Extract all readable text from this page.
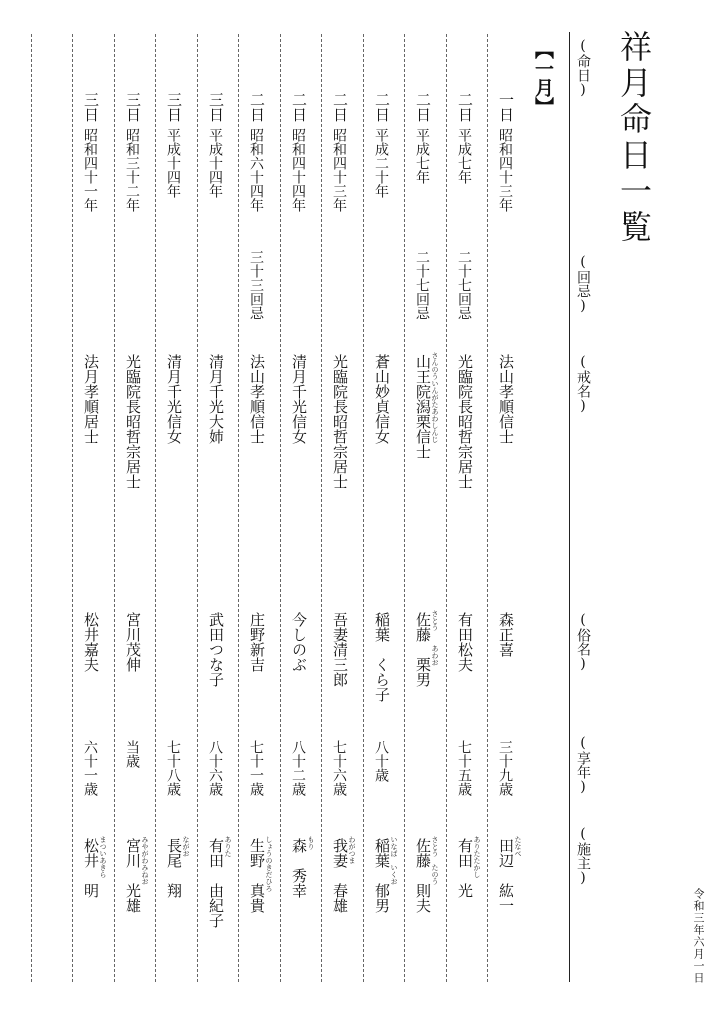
祥月命日一覧
(命日)
(回忌)
(戒名)
(俗名)
(享年)
(施主)
令和三年六月一日
【一月】
一日
昭和四十三年
法山孝順信士
森正喜
三十九歳
田辺　紘一 たなべ
二日
平成七年
二十七回忌
光臨院長昭哲宗居士
有田松夫
七十五歳
有田　光 ありたたかし
二日
平成七年
二十七回忌
山王院潟栗信士
佐藤　栗男
佐藤　則夫
さんのういんがたあわしんじ
さとう　　あわお
さとう　たのう
二日
平成二十年
蒼山妙貞信女
稲葉　くら子
八十歳
稲葉　郁男 いなば　いくお
二日
昭和四十三年
光臨院長昭哲宗居士
吾妻清三郎
七十六歳
我妻　春雄 わがつま
二日
昭和四十四年
清月千光信女
今しのぶ
八十二歳
森　秀幸 もり
二日
昭和六十四年
三十三回忌
法山孝順信士
庄野新吉
七十一歳
生野　真貴 しょうのきだひろ
三日
平成十四年
清月千光大姉
武田つな子
八十六歳
有田　由紀子 ありた
三日
平成十四年
清月千光信女
七十八歳
長尾　翔 ながお
三日
昭和三十二年
光臨院長昭哲宗居士
宮川茂伸
当歳
宮川　光雄 みやがわみねお
三日
昭和四十一年
法月孝順居士
松井嘉夫
六十一歳
松井　明 まついあきら
